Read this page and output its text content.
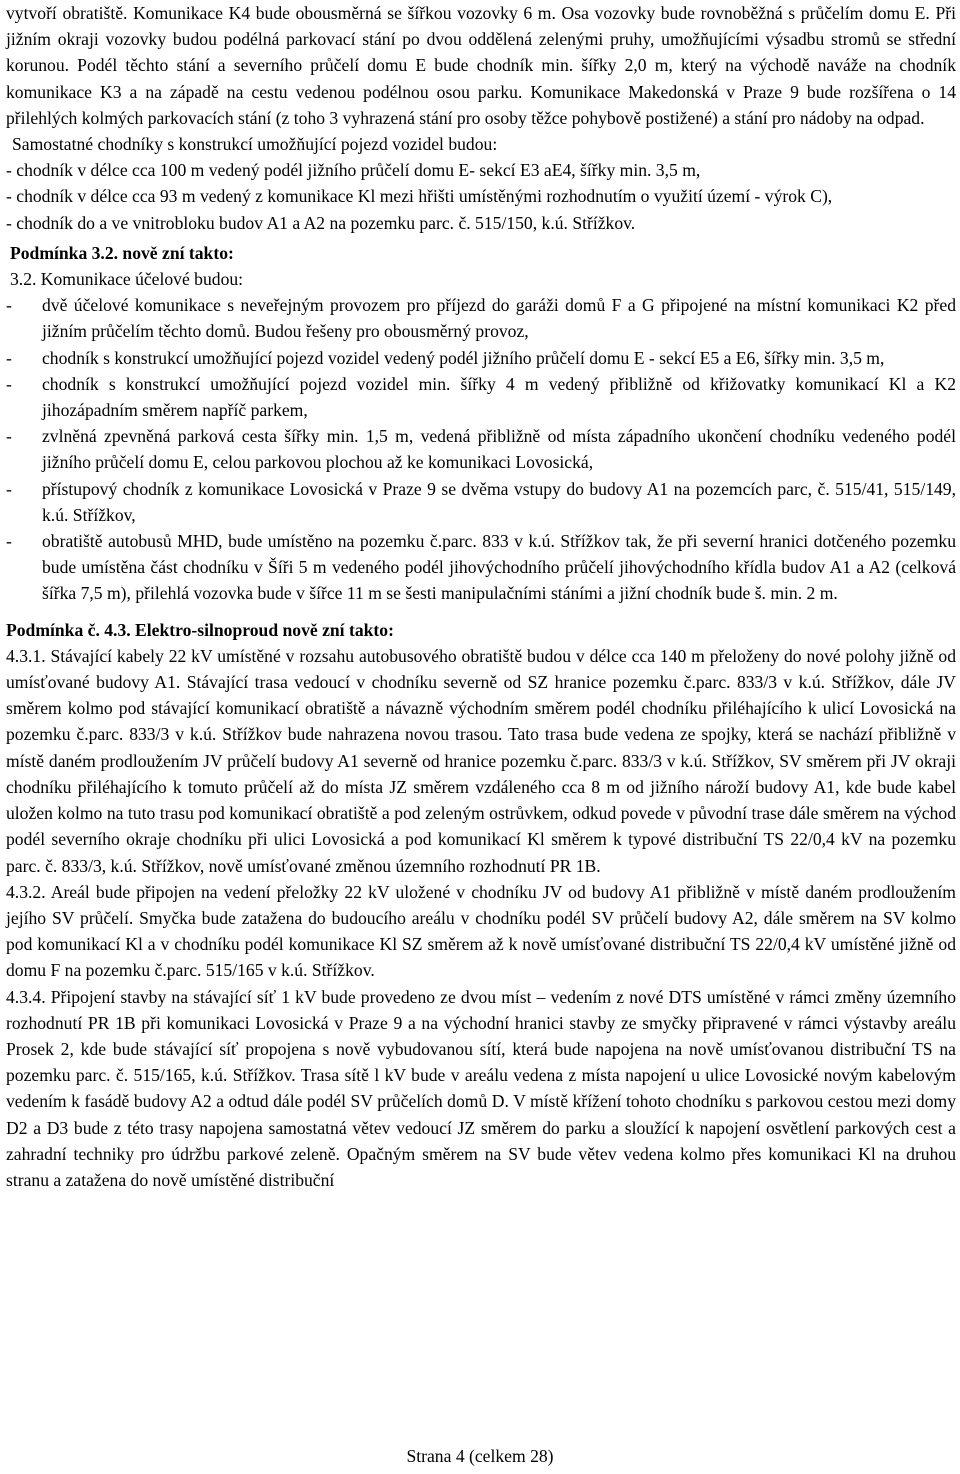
vytvoří obratiště. Komunikace K4 bude obousměrná se šířkou vozovky 6 m. Osa vozovky bude rovnoběžná s průčelím domu E. Při jižním okraji vozovky budou podélná parkovací stání po dvou oddělená zelenými pruhy, umožňujícími výsadbu stromů se střední korunou. Podél těchto stání a severního průčelí domu E bude chodník min. šířky 2,0 m, který na východě naváže na chodník komunikace K3 a na západě na cestu vedenou podélnou osou parku. Komunikace Makedonská v Praze 9 bude rozšířena o 14 přilehlých kolmých parkovacích stání (z toho 3 vyhrazená stání pro osoby těžce pohybově postižené) a stání pro nádoby na odpad.

Samostatné chodníky s konstrukcí umožňující pojezd vozidel budou:

- chodník v délce cca 100 m vedený podél jižního průčelí domu E- sekcí E3 aE4, šířky min. 3,5 m,

- chodník v délce cca 93 m vedený z komunikace Kl mezi hřišti umístěnými rozhodnutím o využití území - výrok C),

- chodník do a ve vnitrobloku budov A1 a A2 na pozemku parc. č. 515/150, k.ú. Střížkov.

Podmínka 3.2. nově zní takto:

3.2. Komunikace účelové budou:

- dvě účelové komunikace s neveřejným provozem pro příjezd do garáži domů F a G připojené na místní komunikaci K2 před jižním průčelím těchto domů. Budou řešeny pro obousměrný provoz,
- chodník s konstrukcí umožňující pojezd vozidel vedený podél jižního průčelí domu E - sekcí E5 a E6, šířky min. 3,5 m,
- chodník s konstrukcí umožňující pojezd vozidel min. šířky 4 m vedený přibližně od křižovatky komunikací Kl a K2 jihozápadním směrem napříč parkem,
- zvlněná zpevněná parková cesta šířky min. 1,5 m, vedená přibližně od místa západního ukončení chodníku vedeného podél jižního průčelí domu E, celou parkovou plochou až ke komunikaci Lovosická,
- přístupový chodník z komunikace Lovosická v Praze 9 se dvěma vstupy do budovy A1 na pozemcích parc, č. 515/41, 515/149, k.ú. Střížkov,
- obratiště autobusů MHD, bude umístěno na pozemku č.parc. 833 v k.ú. Střížkov tak, že při severní hranici dotčeného pozemku bude umístěna část chodníku v Šíři 5 m vedeného podél jihovýchodního průčelí jihovýchodního křídla budov A1 a A2 (celková šířka 7,5 m), přilehlá vozovka bude v šířce 11 m se šesti manipulačními stáními a jižní chodník bude š. min. 2 m.

Podmínka č. 4.3. Elektro-silnoproud nově zní takto:

4.3.1. Stávající kabely 22 kV umístěné v rozsahu autobusového obratiště budou v délce cca 140 m přeloženy do nové polohy jižně od umísťované budovy A1. Stávající trasa vedoucí v chodníku severně od SZ hranice pozemku č.parc. 833/3 v k.ú. Střížkov, dále JV směrem kolmo pod stávající komunikací obratiště a návazně východním směrem podél chodníku přiléhajícího k ulicí Lovosická na pozemku č.parc. 833/3 v k.ú. Střížkov bude nahrazena novou trasou. Tato trasa bude vedena ze spojky, která se nachází přibližně v místě daném prodloužením JV průčelí budovy A1 severně od hranice pozemku č.parc. 833/3 v k.ú. Střížkov, SV směrem při JV okraji chodníku přiléhajícího k tomuto průčelí až do místa JZ směrem vzdáleného cca 8 m od jižního nároží budovy A1, kde bude kabel uložen kolmo na tuto trasu pod komunikací obratiště a pod zeleným ostrůvkem, odkud povede v původní trase dále směrem na východ podél severního okraje chodníku při ulici Lovosická a pod komunikací Kl směrem k typové distribuční TS 22/0,4 kV na pozemku parc. č. 833/3, k.ú. Střížkov, nově umísťované změnou územního rozhodnutí PR 1B.

4.3.2. Areál bude připojen na vedení přeložky 22 kV uložené v chodníku JV od budovy A1 přibližně v místě daném prodloužením jejího SV průčelí. Smyčka bude zatažena do budoucího areálu v chodníku podél SV průčelí budovy A2, dále směrem na SV kolmo pod komunikací Kl a v chodníku podél komunikace Kl SZ směrem až k nově umísťované distribuční TS 22/0,4 kV umístěné jižně od domu F na pozemku č.parc. 515/165 v k.ú. Střížkov.

4.3.4. Připojení stavby na stávající síť 1 kV bude provedeno ze dvou míst – vedením z nové DTS umístěné v rámci změny územního rozhodnutí PR 1B při komunikaci Lovosická v Praze 9 a na východní hranici stavby ze smyčky připravené v rámci výstavby areálu Prosek 2, kde bude stávající síť propojena s nově vybudovanou sítí, která bude napojena na nově umísťovanou distribuční TS na pozemku parc. č. 515/165, k.ú. Střížkov. Trasa sítě l kV bude v areálu vedena z místa napojení u ulice Lovosické novým kabelovým vedením k fasádě budovy A2 a odtud dále podél SV průčelích domů D. V místě křížení tohoto chodníku s parkovou cestou mezi domy D2 a D3 bude z této trasy napojena samostatná větev vedoucí JZ směrem do parku a sloužící k napojení osvětlení parkových cest a zahradní techniky pro údržbu parkové zeleně. Opačným směrem na SV bude větev vedena kolmo přes komunikaci Kl na druhou stranu a zatažena do nově umístěné distribuční

Strana 4 (celkem 28)
